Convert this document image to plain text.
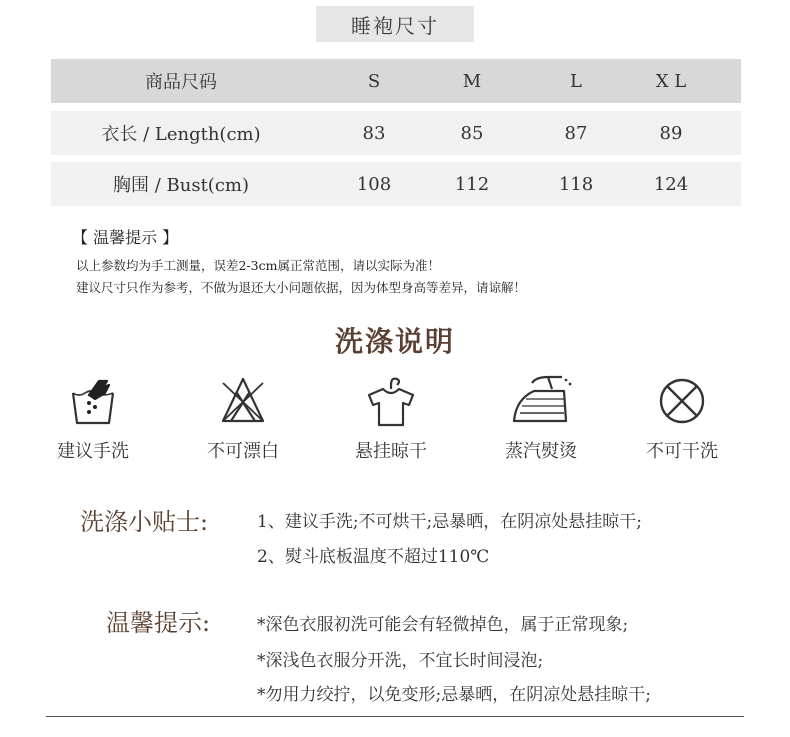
睡袍尺寸
商品尺码	S	M	L	X L
衣长 / Length(cm)	83	85	87	89
胸围 / Bust(cm)	108	112	118	124
【 温馨提示 】
以上参数均为手工测量，误差2-3cm属正常范围，请以实际为准！
建议尺寸只作为参考，不做为退还大小问题依据，因为体型身高等差异，请谅解！
洗涤说明
建议手洗	不可漂白	悬挂晾干	蒸汽熨烫	不可干洗
洗涤小贴士:	1、建议手洗;不可烘干;忌暴晒，在阴凉处悬挂晾干;
2、熨斗底板温度不超过110℃
温馨提示:	*深色衣服初洗可能会有轻微掉色，属于正常现象;
*深浅色衣服分开洗，不宜长时间浸泡;
*勿用力绞拧，以免变形;忌暴晒，在阴凉处悬挂晾干;
